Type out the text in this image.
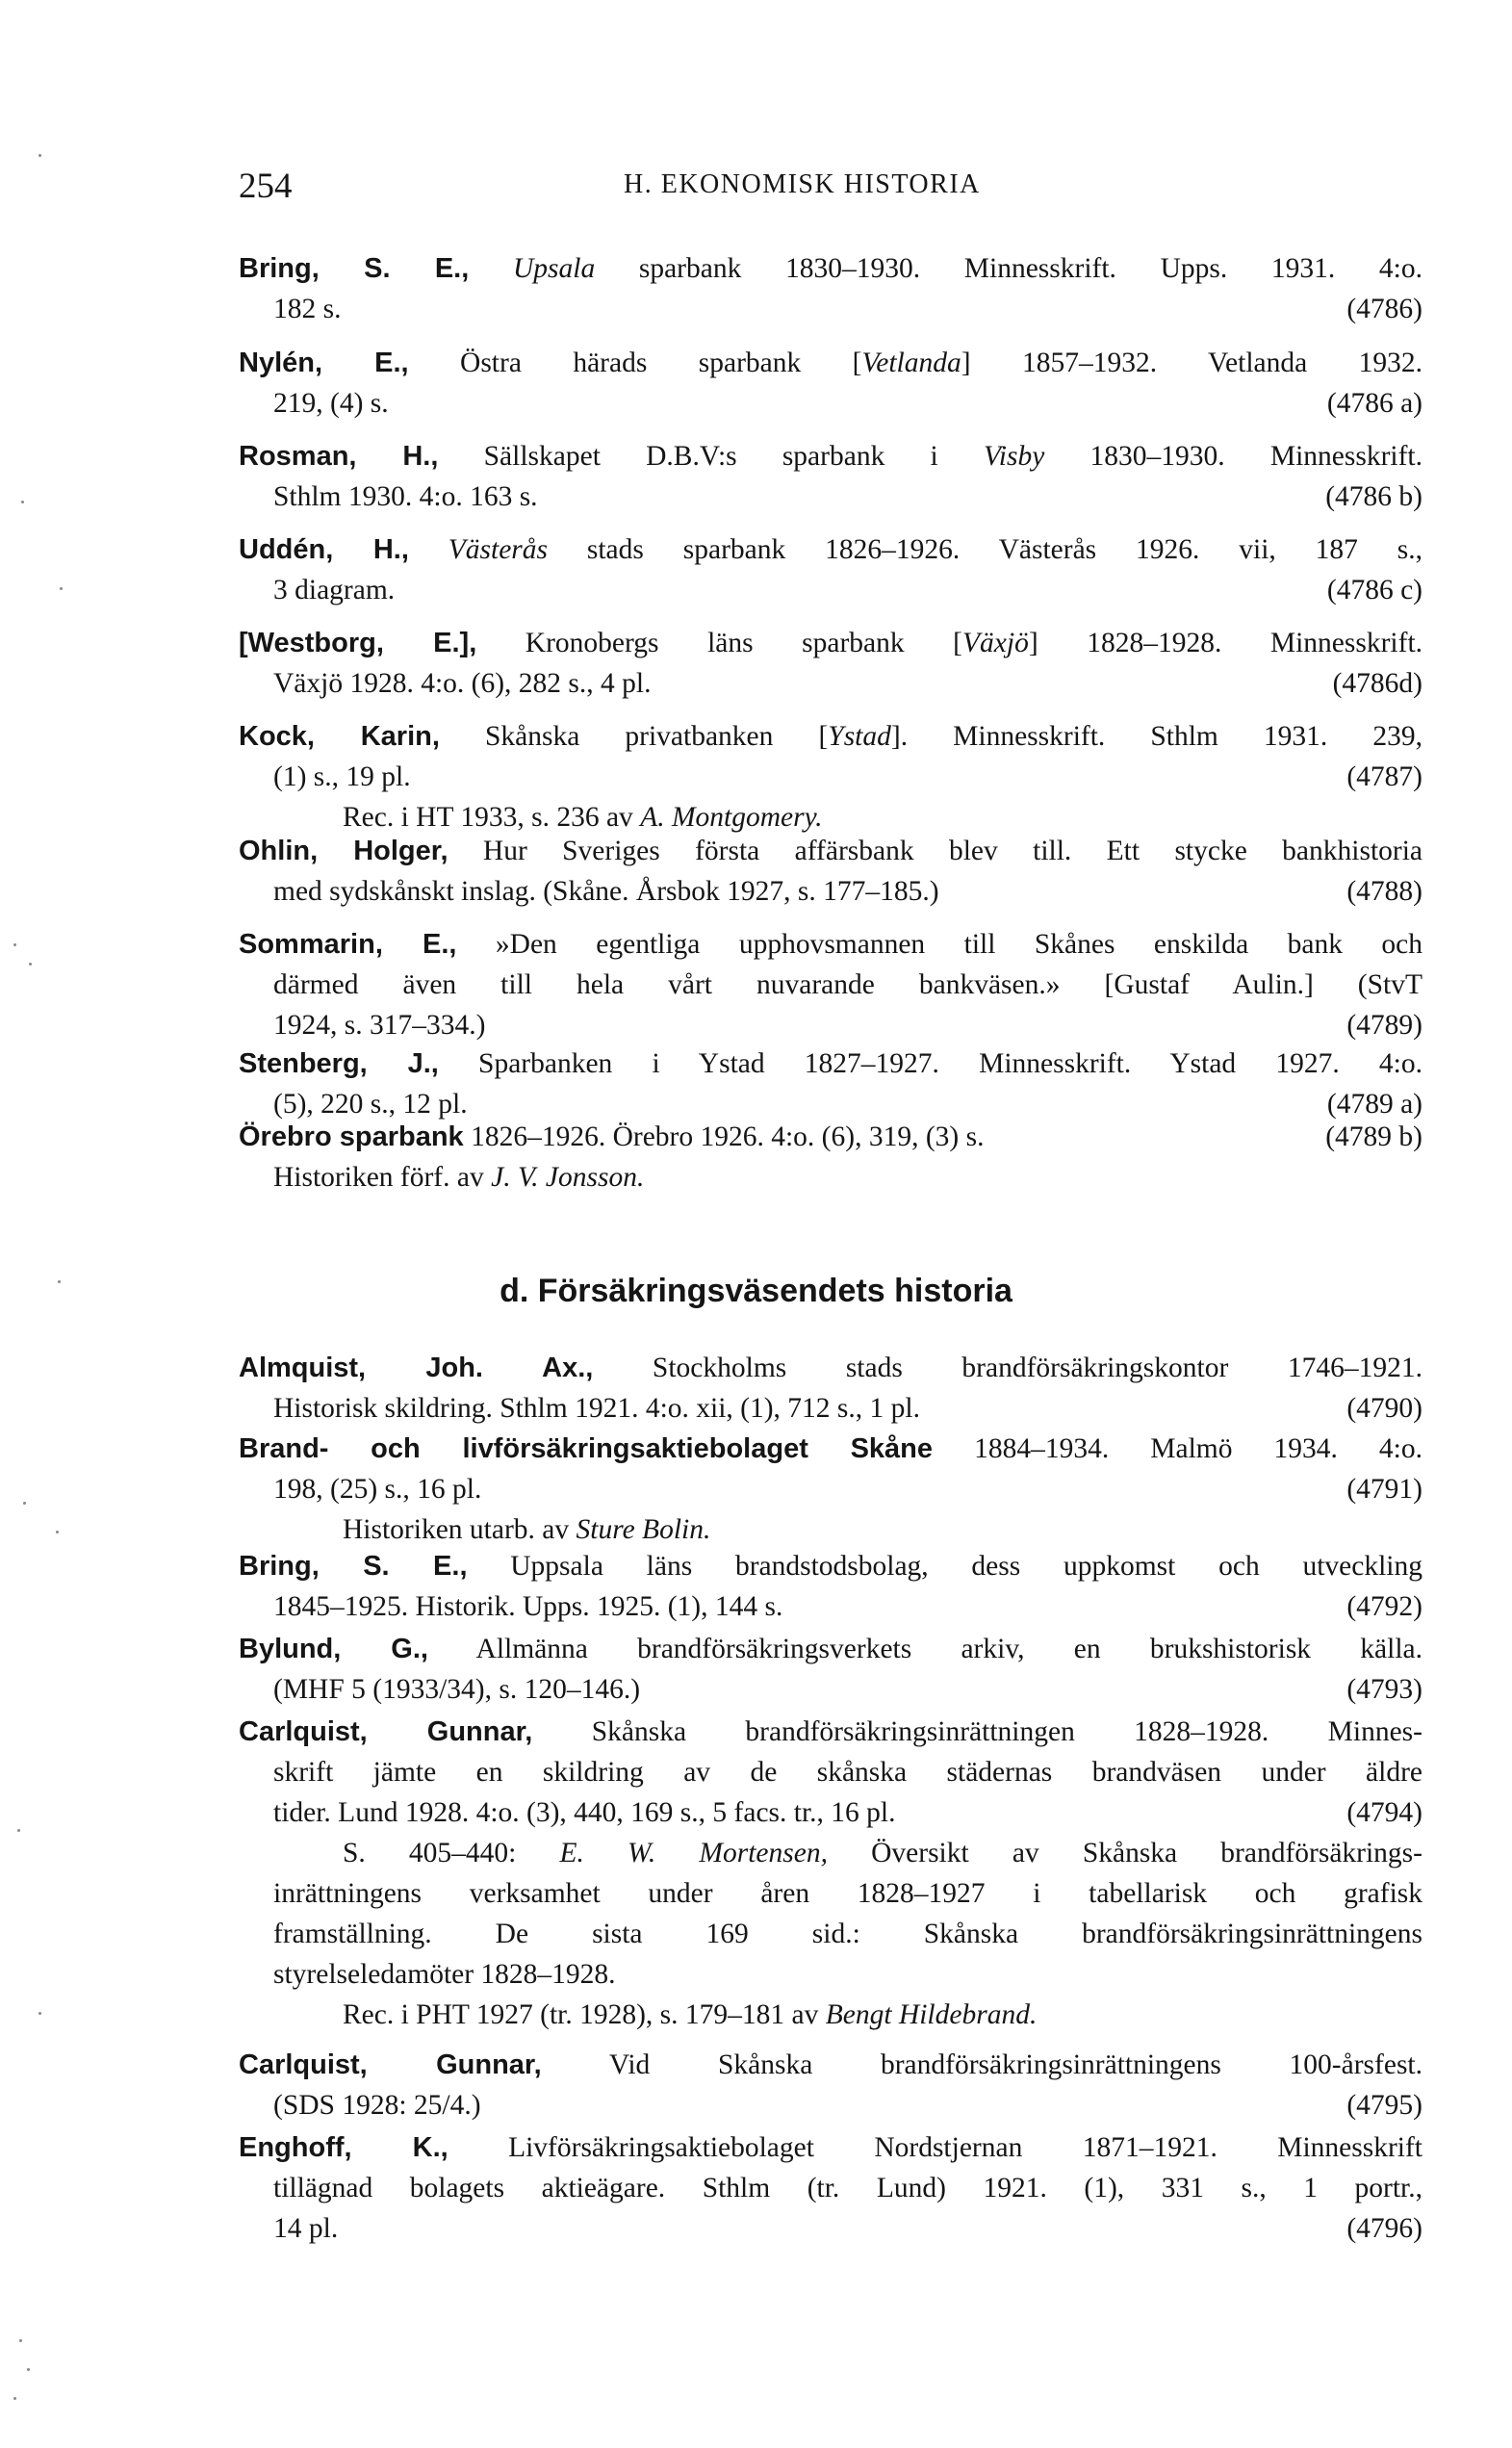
254	H. EKONOMISK HISTORIA
Bring, S. E., Upsala sparbank 1830–1930. Minnesskrift. Upps. 1931. 4:o.
182 s.	(4786)
Nylén, E., Östra härads sparbank [Vetlanda] 1857–1932. Vetlanda 1932.
219, (4) s.	(4786 a)
Rosman, H., Sällskapet D.B.V:s sparbank i Visby 1830–1930. Minnesskrift.
Sthlm 1930. 4:o. 163 s.	(4786 b)
Uddén, H., Västerås stads sparbank 1826–1926. Västerås 1926. vii, 187 s.,
3 diagram.	(4786 c)
[Westborg, E.], Kronobergs läns sparbank [Växjö] 1828–1928. Minnesskrift.
Växjö 1928. 4:o. (6), 282 s., 4 pl.	(4786d)
Kock, Karin, Skånska privatbanken [Ystad]. Minnesskrift. Sthlm 1931. 239,
(1) s., 19 pl.	(4787)
Rec. i HT 1933, s. 236 av A. Montgomery.
Ohlin, Holger, Hur Sveriges första affärsbank blev till. Ett stycke bankhistoria
med sydskånskt inslag. (Skåne. Årsbok 1927, s. 177–185.)	(4788)
Sommarin, E., »Den egentliga upphovsmannen till Skånes enskilda bank och
därmed även till hela vårt nuvarande bankväsen.» [Gustaf Aulin.] (StvT
1924, s. 317–334.)	(4789)
Stenberg, J., Sparbanken i Ystad 1827–1927. Minnesskrift. Ystad 1927. 4:o.
(5), 220 s., 12 pl.	(4789 a)
Örebro sparbank 1826–1926. Örebro 1926. 4:o. (6), 319, (3) s.	(4789 b)
Historiken förf. av J. V. Jonsson.
d. Försäkringsväsendets historia
Almquist, Joh. Ax., Stockholms stads brandförsäkringskontor 1746–1921.
Historisk skildring. Sthlm 1921. 4:o. xii, (1), 712 s., 1 pl.	(4790)
Brand- och livförsäkringsaktiebolaget Skåne 1884–1934. Malmö 1934. 4:o.
198, (25) s., 16 pl.	(4791)
Historiken utarb. av Sture Bolin.
Bring, S. E., Uppsala läns brandstodsbolag, dess uppkomst och utveckling
1845–1925. Historik. Upps. 1925. (1), 144 s.	(4792)
Bylund, G., Allmänna brandförsäkringsverkets arkiv, en brukshistorisk källa.
(MHF 5 (1933/34), s. 120–146.)	(4793)
Carlquist, Gunnar, Skånska brandförsäkringsinrättningen 1828–1928. Minnes-
skrift jämte en skildring av de skånska städernas brandväsen under äldre
tider. Lund 1928. 4:o. (3), 440, 169 s., 5 facs. tr., 16 pl.	(4794)
S. 405–440: E. W. Mortensen, Översikt av Skånska brandförsäkrings-
inrättningens verksamhet under åren 1828–1927 i tabellarisk och grafisk
framställning. De sista 169 sid.: Skånska brandförsäkringsinrättningens
styrelseledamöter 1828–1928.
Rec. i PHT 1927 (tr. 1928), s. 179–181 av Bengt Hildebrand.
Carlquist, Gunnar, Vid Skånska brandförsäkringsinrättningens 100-årsfest.
(SDS 1928: 25/4.)	(4795)
Enghoff, K., Livförsäkringsaktiebolaget Nordstjernan 1871–1921. Minnesskrift
tillägnad bolagets aktieägare. Sthlm (tr. Lund) 1921. (1), 331 s., 1 portr.,
14 pl.	(4796)
